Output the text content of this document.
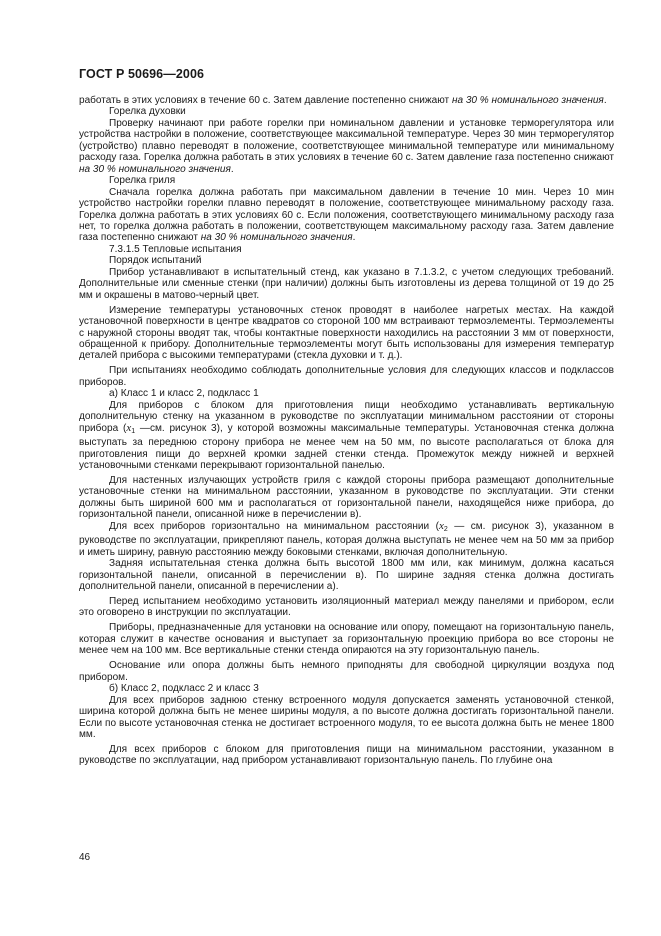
ГОСТ Р 50696—2006

работать в этих условиях в течение 60 с. Затем давление постепенно снижают на 30 % номинального значения.

Горелка духовки

Проверку начинают при работе горелки при номинальном давлении и установке терморегулятора или устройства настройки в положение, соответствующее максимальной температуре. Через 30 мин терморегулятор (устройство) плавно переводят в положение, соответствующее минимальной температуре или минимальному расходу газа. Горелка должна работать в этих условиях в течение 60 с. Затем давление газа постепенно снижают на 30 % номинального значения.

Горелка гриля

Сначала горелка должна работать при максимальном давлении в течение 10 мин. Через 10 мин устройство настройки горелки плавно переводят в положение, соответствующее минимальному расходу газа. Горелка должна работать в этих условиях 60 с. Если положения, соответствующего минимальному расходу газа нет, то горелка должна работать в положении, соответствующем максимальному расходу газа. Затем давление газа постепенно снижают на 30 % номинального значения.

7.3.1.5 Тепловые испытания

Порядок испытаний

Прибор устанавливают в испытательный стенд, как указано в 7.1.3.2, с учетом следующих требований. Дополнительные или сменные стенки (при наличии) должны быть изготовлены из дерева толщиной от 19 до 25 мм и окрашены в матово-черный цвет.

Измерение температуры установочных стенок проводят в наиболее нагретых местах. На каждой установочной поверхности в центре квадратов со стороной 100 мм встраивают термоэлементы. Термоэлементы с наружной стороны вводят так, чтобы контактные поверхности находились на расстоянии 3 мм от поверхности, обращенной к прибору. Дополнительные термоэлементы могут быть использованы для измерения температур деталей прибора с высокими температурами (стекла духовки и т. д.).

При испытаниях необходимо соблюдать дополнительные условия для следующих классов и подклассов приборов.

а) Класс 1 и класс 2, подкласс 1

Для приборов с блоком для приготовления пищи необходимо устанавливать вертикальную дополнительную стенку на указанном в руководстве по эксплуатации минимальном расстоянии от стороны прибора ($x_1$ —см. рисунок 3), у которой возможны максимальные температуры. Установочная стенка должна выступать за переднюю сторону прибора не менее чем на 50 мм, по высоте располагаться от блока для приготовления пищи до верхней кромки задней стенки стенда. Промежуток между нижней и верхней установочными стенками перекрывают горизонтальной панелью.

Для настенных излучающих устройств гриля с каждой стороны прибора размещают дополнительные установочные стенки на минимальном расстоянии, указанном в руководстве по эксплуатации. Эти стенки должны быть шириной 600 мм и располагаться от горизонтальной панели, находящейся ниже прибора, до горизонтальной панели, описанной ниже в перечислении в).

Для всех приборов горизонтально на минимальном расстоянии ($x_2$ — см. рисунок 3), указанном в руководстве по эксплуатации, прикрепляют панель, которая должна выступать не менее чем на 50 мм за прибор и иметь ширину, равную расстоянию между боковыми стенками, включая дополнительную.

Задняя испытательная стенка должна быть высотой 1800 мм или, как минимум, должна касаться горизонтальной панели, описанной в перечислении в). По ширине задняя стенка должна достигать дополнительной панели, описанной в перечислении а).

Перед испытанием необходимо установить изоляционный материал между панелями и прибором, если это оговорено в инструкции по эксплуатации.

Приборы, предназначенные для установки на основание или опору, помещают на горизонтальную панель, которая служит в качестве основания и выступает за горизонтальную проекцию прибора во все стороны не менее чем на 100 мм. Все вертикальные стенки стенда опираются на эту горизонтальную панель.

Основание или опора должны быть немного приподняты для свободной циркуляции воздуха под прибором.

б) Класс 2, подкласс 2 и класс 3

Для всех приборов заднюю стенку встроенного модуля допускается заменять установочной стенкой, ширина которой должна быть не менее ширины модуля, а по высоте должна достигать горизонтальной панели. Если по высоте установочная стенка не достигает встроенного модуля, то ее высота должна быть не менее 1800 мм.

Для всех приборов с блоком для приготовления пищи на минимальном расстоянии, указанном в руководстве по эксплуатации, над прибором устанавливают горизонтальную панель. По глубине она

46
